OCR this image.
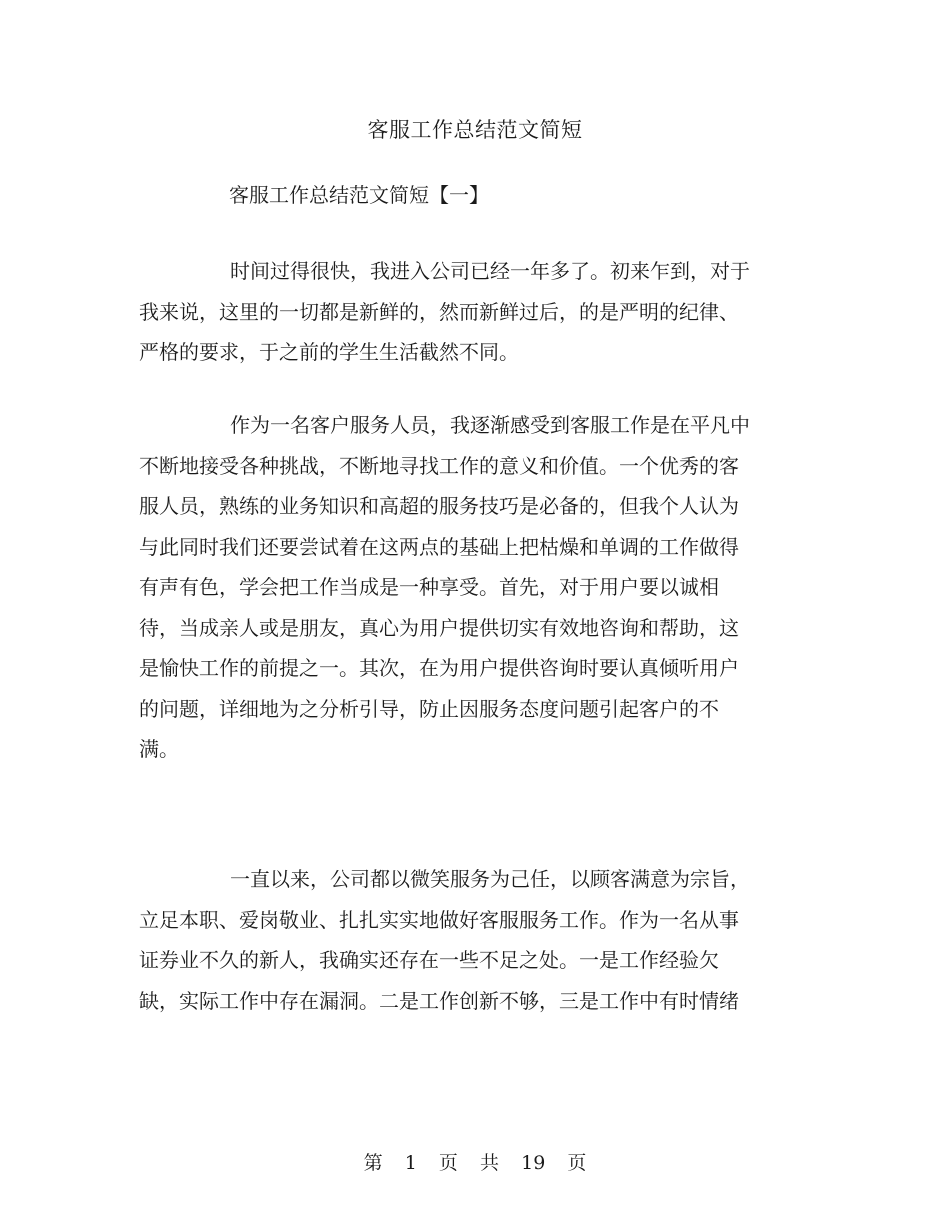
客服工作总结范文简短
客服工作总结范文简短【一】
时间过得很快，我进入公司已经一年多了。初来乍到，对于
我来说，这里的一切都是新鲜的，然而新鲜过后，的是严明的纪律、
严格的要求，于之前的学生生活截然不同。
作为一名客户服务人员，我逐渐感受到客服工作是在平凡中
不断地接受各种挑战，不断地寻找工作的意义和价值。一个优秀的客
服人员，熟练的业务知识和高超的服务技巧是必备的，但我个人认为
与此同时我们还要尝试着在这两点的基础上把枯燥和单调的工作做得
有声有色，学会把工作当成是一种享受。首先，对于用户要以诚相
待，当成亲人或是朋友，真心为用户提供切实有效地咨询和帮助，这
是愉快工作的前提之一。其次，在为用户提供咨询时要认真倾听用户
的问题，详细地为之分析引导，防止因服务态度问题引起客户的不
满。
一直以来，公司都以微笑服务为己任，以顾客满意为宗旨，
立足本职、爱岗敬业、扎扎实实地做好客服服务工作。作为一名从事
证券业不久的新人，我确实还存在一些不足之处。一是工作经验欠
缺，实际工作中存在漏洞。二是工作创新不够，三是工作中有时情绪
第 1 页 共 19 页
